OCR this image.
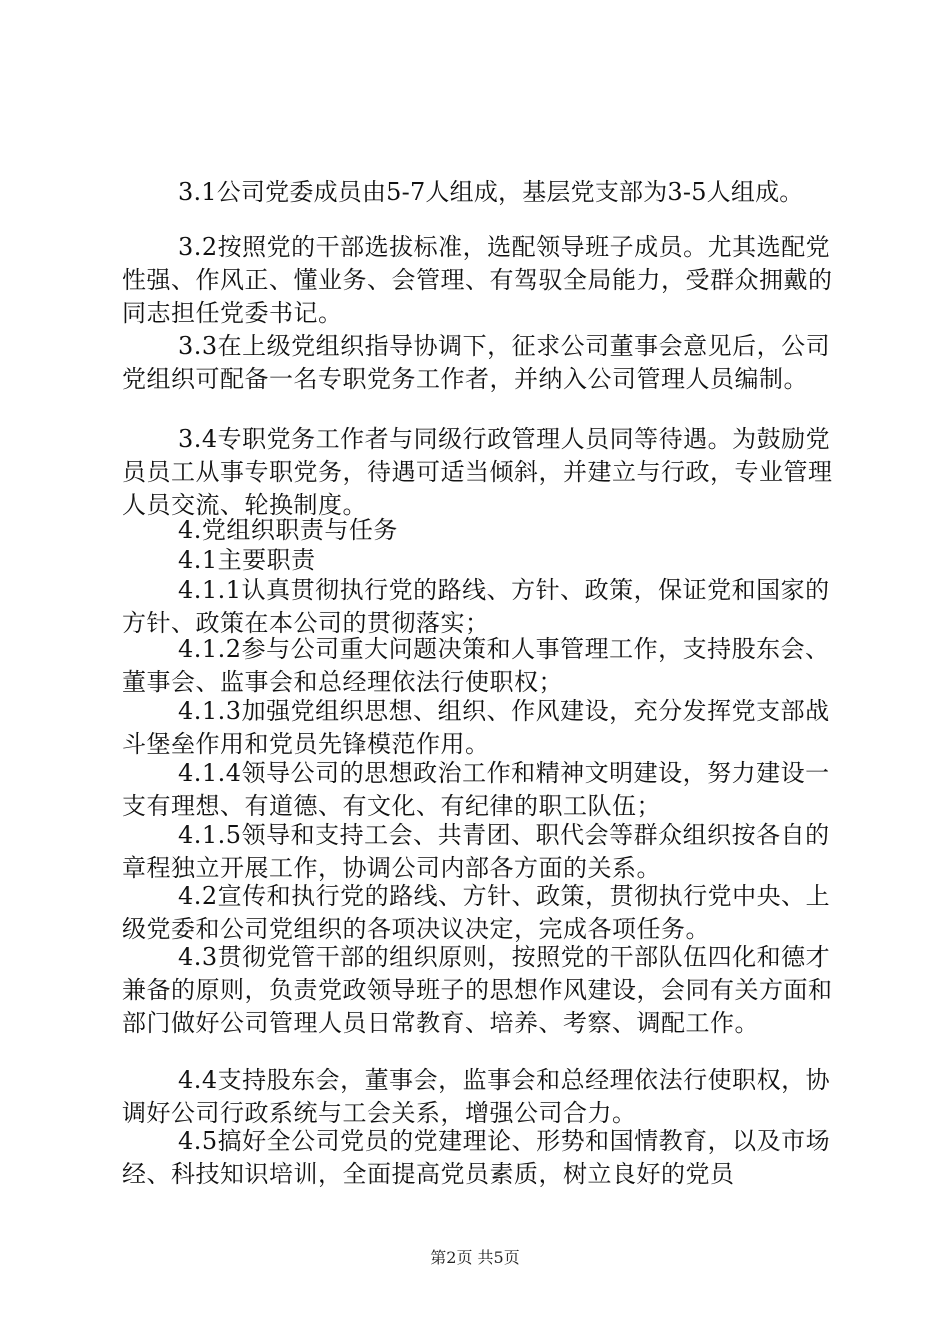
3.1公司党委成员由5-7人组成，基层党支部为3-5人组成。

3.2按照党的干部选拔标准，选配领导班子成员。尤其选配党性强、作风正、懂业务、会管理、有驾驭全局能力，受群众拥戴的同志担任党委书记。

3.3在上级党组织指导协调下，征求公司董事会意见后，公司党组织可配备一名专职党务工作者，并纳入公司管理人员编制。

3.4专职党务工作者与同级行政管理人员同等待遇。为鼓励党员员工从事专职党务，待遇可适当倾斜，并建立与行政，专业管理人员交流、轮换制度。

4.党组织职责与任务

4.1主要职责

4.1.1认真贯彻执行党的路线、方针、政策，保证党和国家的方针、政策在本公司的贯彻落实；

4.1.2参与公司重大问题决策和人事管理工作，支持股东会、董事会、监事会和总经理依法行使职权；

4.1.3加强党组织思想、组织、作风建设，充分发挥党支部战斗堡垒作用和党员先锋模范作用。

4.1.4领导公司的思想政治工作和精神文明建设，努力建设一支有理想、有道德、有文化、有纪律的职工队伍；

4.1.5领导和支持工会、共青团、职代会等群众组织按各自的章程独立开展工作，协调公司内部各方面的关系。

4.2宣传和执行党的路线、方针、政策，贯彻执行党中央、上级党委和公司党组织的各项决议决定，完成各项任务。

4.3贯彻党管干部的组织原则，按照党的干部队伍四化和德才兼备的原则，负责党政领导班子的思想作风建设，会同有关方面和部门做好公司管理人员日常教育、培养、考察、调配工作。

4.4支持股东会，董事会，监事会和总经理依法行使职权，协调好公司行政系统与工会关系，增强公司合力。

4.5搞好全公司党员的党建理论、形势和国情教育，以及市场经、科技知识培训，全面提高党员素质，树立良好的党员

第2页 共5页
